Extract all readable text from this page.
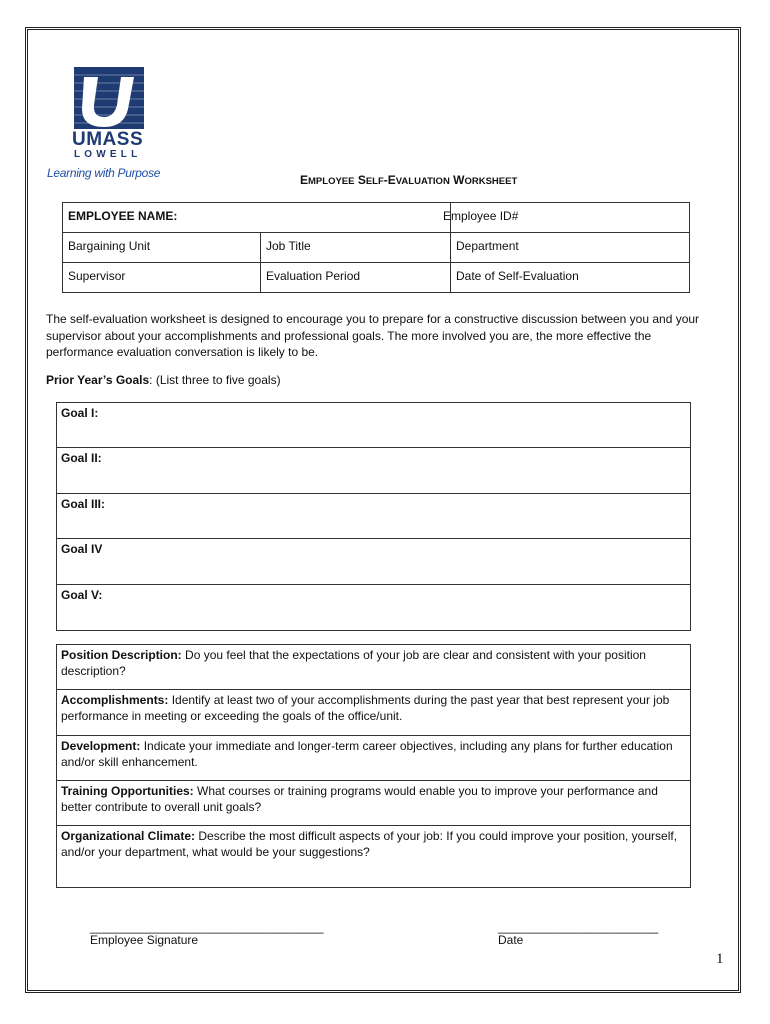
UMASS
LOWELL
Learning with Purpose	EMPLOYEE SELF-EVALUATION WORKSHEET
EMPLOYEE NAME:		Employee ID#
Bargaining Unit	Job Title	Department
Supervisor	Evaluation Period	Date of Self-Evaluation
The self-evaluation worksheet is designed to encourage you to prepare for a constructive discussion between you and your supervisor about your accomplishments and professional goals. The more involved you are, the more effective the performance evaluation conversation is likely to be.
Prior Year’s Goals: (List three to five goals)
Goal I:
Goal II:
Goal III:
Goal IV
Goal V:
Position Description: Do you feel that the expectations of your job are clear and consistent with your position description?
Accomplishments: Identify at least two of your accomplishments during the past year that best represent your job performance in meeting or exceeding the goals of the office/unit.
Development: Indicate your immediate and longer-term career objectives, including any plans for further education and/or skill enhancement.
Training Opportunities: What courses or training programs would enable you to improve your performance and better contribute to overall unit goals?
Organizational Climate: Describe the most difficult aspects of your job: If you could improve your position, yourself, and/or your department, what would be your suggestions?
___________________________________
Employee Signature
________________________
Date
1
